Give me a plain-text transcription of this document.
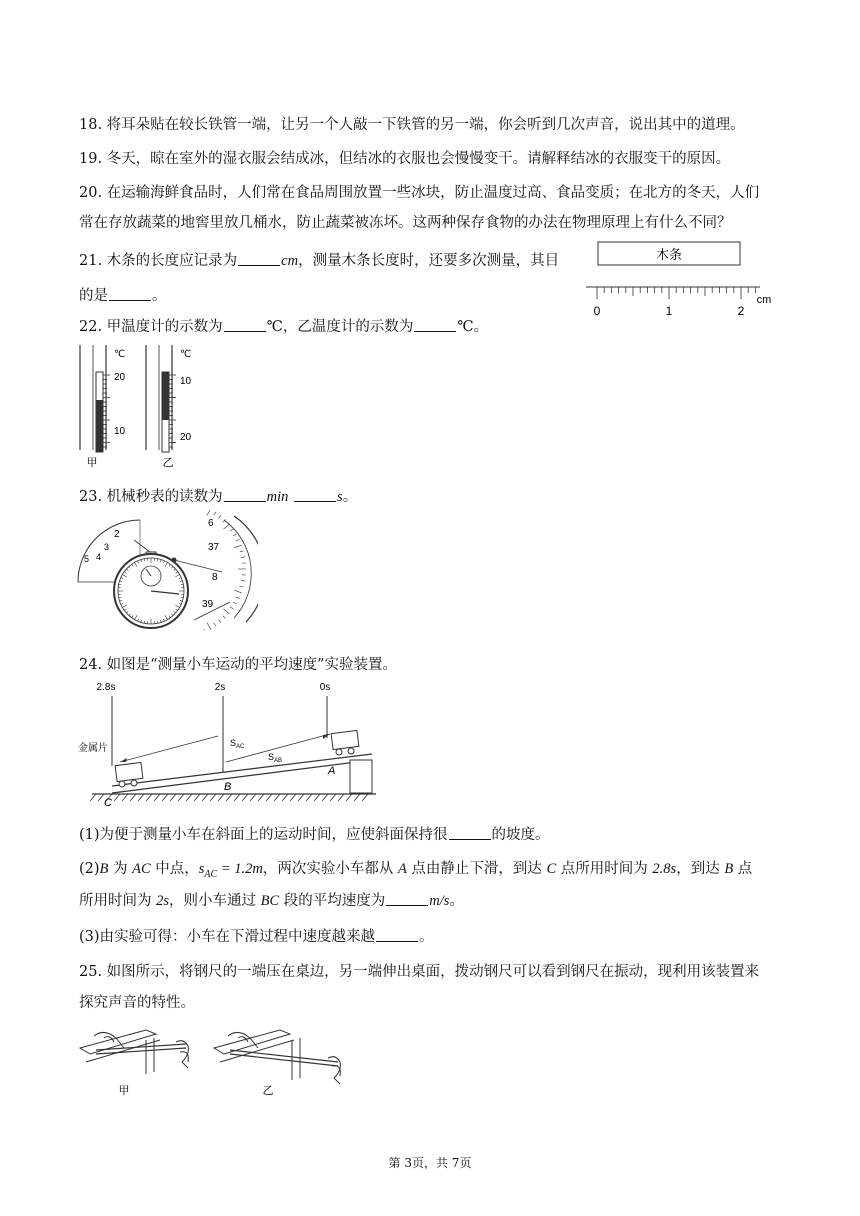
18. 将耳朵贴在较长铁管一端，让另一个人敲一下铁管的另一端，你会听到几次声音，说出其中的道理。
19. 冬天，晾在室外的湿衣服会结成冰，但结冰的衣服也会慢慢变干。请解释结冰的衣服变干的原因。
20. 在运输海鲜食品时，人们常在食品周围放置一些冰块，防止温度过高、食品变质；在北方的冬天，人们
常在存放蔬菜的地窖里放几桶水，防止蔬菜被冻坏。这两种保存食物的办法在物理原理上有什么不同？
21. 木条的长度应记录为	cm，测量木条长度时，还要多次测量，其目
的是	。
木条
0	1	2
cm
22. 甲温度计的示数为	℃，乙温度计的示数为	℃。
℃
20
10
甲
℃
10
20
乙
23. 机械秒表的读数为	min	s。
2
3
4
5
6
37
8
39
24. 如图是“测量小车运动的平均速度”实验装置。
2.8s	2s	0s
金属片	$S_{AC}$
$S_{AB}$
A
B
C
(1)为便于测量小车在斜面上的运动时间，应使斜面保持很	的坡度。
(2)B 为 AC 中点，$s_{AC} = 1.2m$，两次实验小车都从 A 点由静止下滑，到达 C 点所用时间为 2.8s，到达 B 点
所用时间为 2s，则小车通过 BC 段的平均速度为	m/s。
(3)由实验可得：小车在下滑过程中速度越来越	。
25. 如图所示，将钢尺的一端压在桌边，另一端伸出桌面，拨动钢尺可以看到钢尺在振动，现利用该装置来
探究声音的特性。
甲	乙
第 3页，共 7页
